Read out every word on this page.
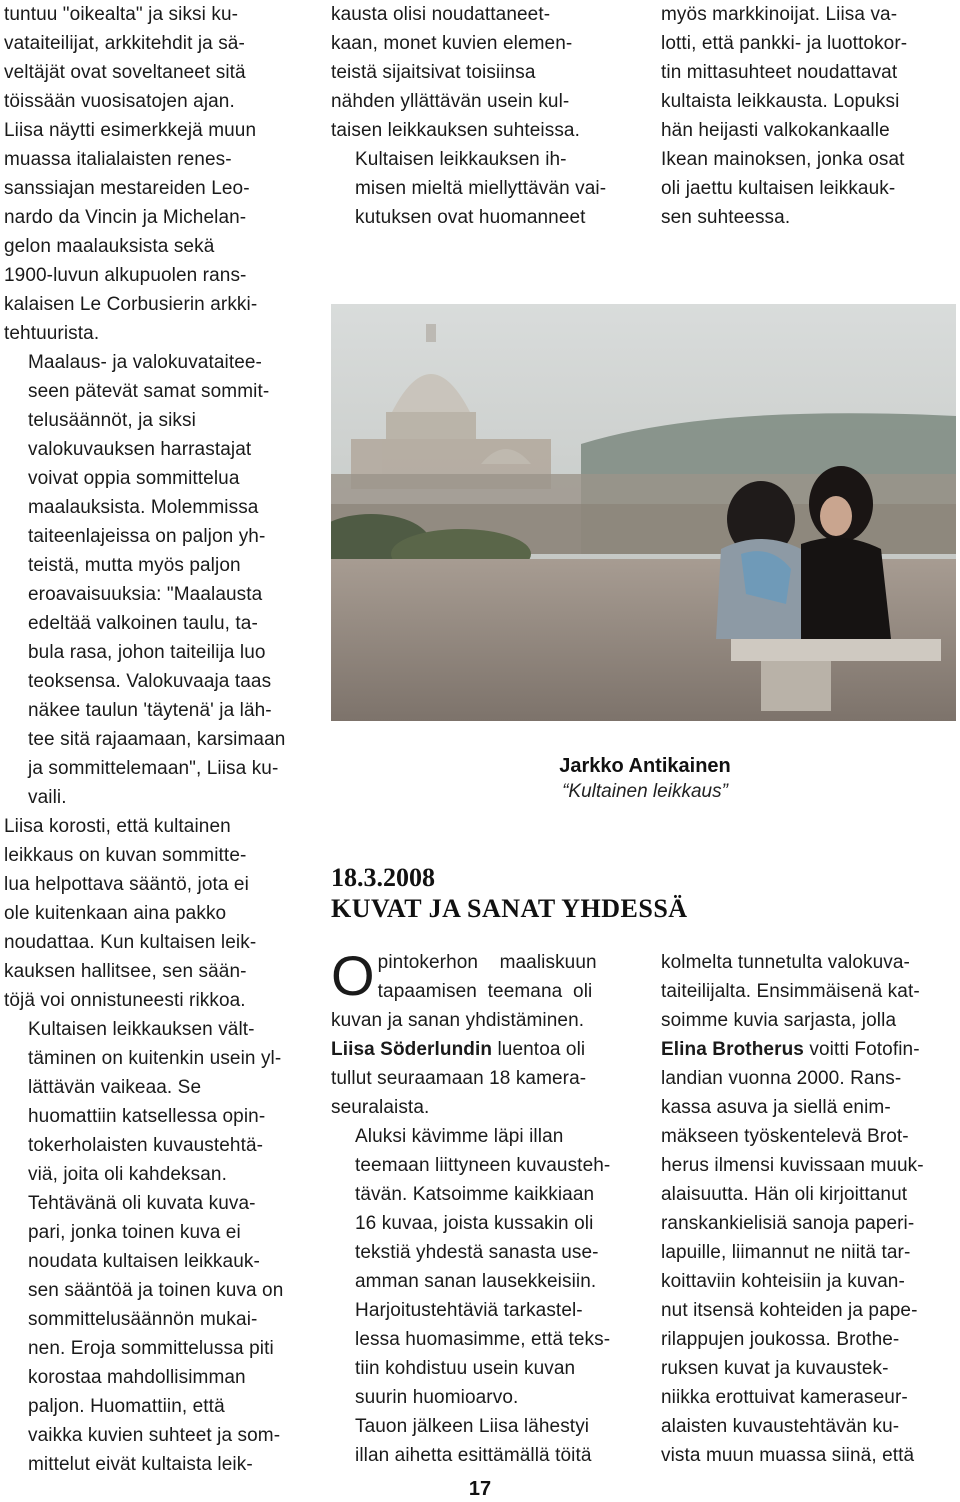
tuntuu "oikealta" ja siksi ku-

vataiteilijat, arkkitehdit ja sä-

veltäjät ovat soveltaneet sitä

töissään vuosisatojen ajan.

Liisa näytti esimerkkejä muun

muassa italialaisten renes-

sanssiajan mestareiden Leo-

nardo da Vincin ja Michelan-

gelon maalauksista sekä

1900-luvun alkupuolen rans-

kalaisen Le Corbusierin arkki-

tehtuurista.

Maalaus- ja valokuvataitee-

seen pätevät samat sommit-

telusäännöt, ja siksi

valokuvauksen harrastajat

voivat oppia sommittelua

maalauksista. Molemmissa

taiteenlajeissa on paljon yh-

teistä, mutta myös paljon

eroavaisuuksia: "Maalausta

edeltää valkoinen taulu, ta-

bula rasa, johon taiteilija luo

teoksensa. Valokuvaaja taas

näkee taulun 'täytenä' ja läh-

tee sitä rajaamaan, karsimaan

ja sommittelemaan", Liisa ku-

vaili.

Liisa korosti, että kultainen

leikkaus on kuvan sommitte-

lua helpottava sääntö, jota ei

ole kuitenkaan aina pakko

noudattaa. Kun kultaisen leik-

kauksen hallitsee, sen sään-

töjä voi onnistuneesti rikkoa.

Kultaisen leikkauksen vält-

täminen on kuitenkin usein yl-

lättävän vaikeaa. Se

huomattiin katsellessa opin-

tokerholaisten kuvaustehtä-

viä, joita oli kahdeksan.

Tehtävänä oli kuvata kuva-

pari, jonka toinen kuva ei

noudata kultaisen leikkauk-

sen sääntöä ja toinen kuva on

sommittelusäännön mukai-

nen. Eroja sommittelussa piti

korostaa mahdollisimman

paljon. Huomattiin, että

vaikka kuvien suhteet ja som-

mittelut eivät kultaista leik-

kausta olisi noudattaneet-

kaan, monet kuvien elemen-

teistä sijaitsivat toisiinsa

nähden yllättävän usein kul-

taisen leikkauksen suhteissa.

Kultaisen leikkauksen ih-

misen mieltä miellyttävän vai-

kutuksen ovat huomanneet

myös markkinoijat. Liisa va-

lotti, että pankki- ja luottokor-

tin mittasuhteet noudattavat

kultaista leikkausta. Lopuksi

hän heijasti valkokankaalle

Ikean mainoksen, jonka osat

oli jaettu kultaisen leikkauk-

sen suhteessa.

Jarkko Antikainen
“Kultainen leikkaus”
18.3.2008
KUVAT JA SANAT YHDESSÄ
O pintokerhon    maaliskuun

tapaamisen  teemana  oli

kuvan ja sanan yhdistäminen.

Liisa Söderlundin luentoa oli

tullut seuraamaan 18 kamera-

seuralaista.

Aluksi kävimme läpi illan

teemaan liittyneen kuvausteh-

tävän. Katsoimme kaikkiaan

16 kuvaa, joista kussakin oli

tekstiä yhdestä sanasta use-

amman sanan lausekkeisiin.

Harjoitustehtäviä tarkastel-

lessa huomasimme, että teks-

tiin kohdistuu usein kuvan

suurin huomioarvo.

Tauon jälkeen Liisa lähestyi

illan aihetta esittämällä töitä

kolmelta tunnetulta valokuva-

taiteilijalta. Ensimmäisenä kat-

soimme kuvia sarjasta, jolla

Elina Brotherus voitti Fotofin-

landian vuonna 2000. Rans-

kassa asuva ja siellä enim-

mäkseen työskentelevä Brot-

herus ilmensi kuvissaan muuk-

alaisuutta. Hän oli kirjoittanut

ranskankielisiä sanoja paperi-

lapuille, liimannut ne niitä tar-

koittaviin kohteisiin ja kuvan-

nut itsensä kohteiden ja pape-

rilappujen joukossa. Brothe-

ruksen kuvat ja kuvaustek-

niikka erottuivat kameraseur-

alaisten kuvaustehtävän ku-

vista muun muassa siinä, että

17
